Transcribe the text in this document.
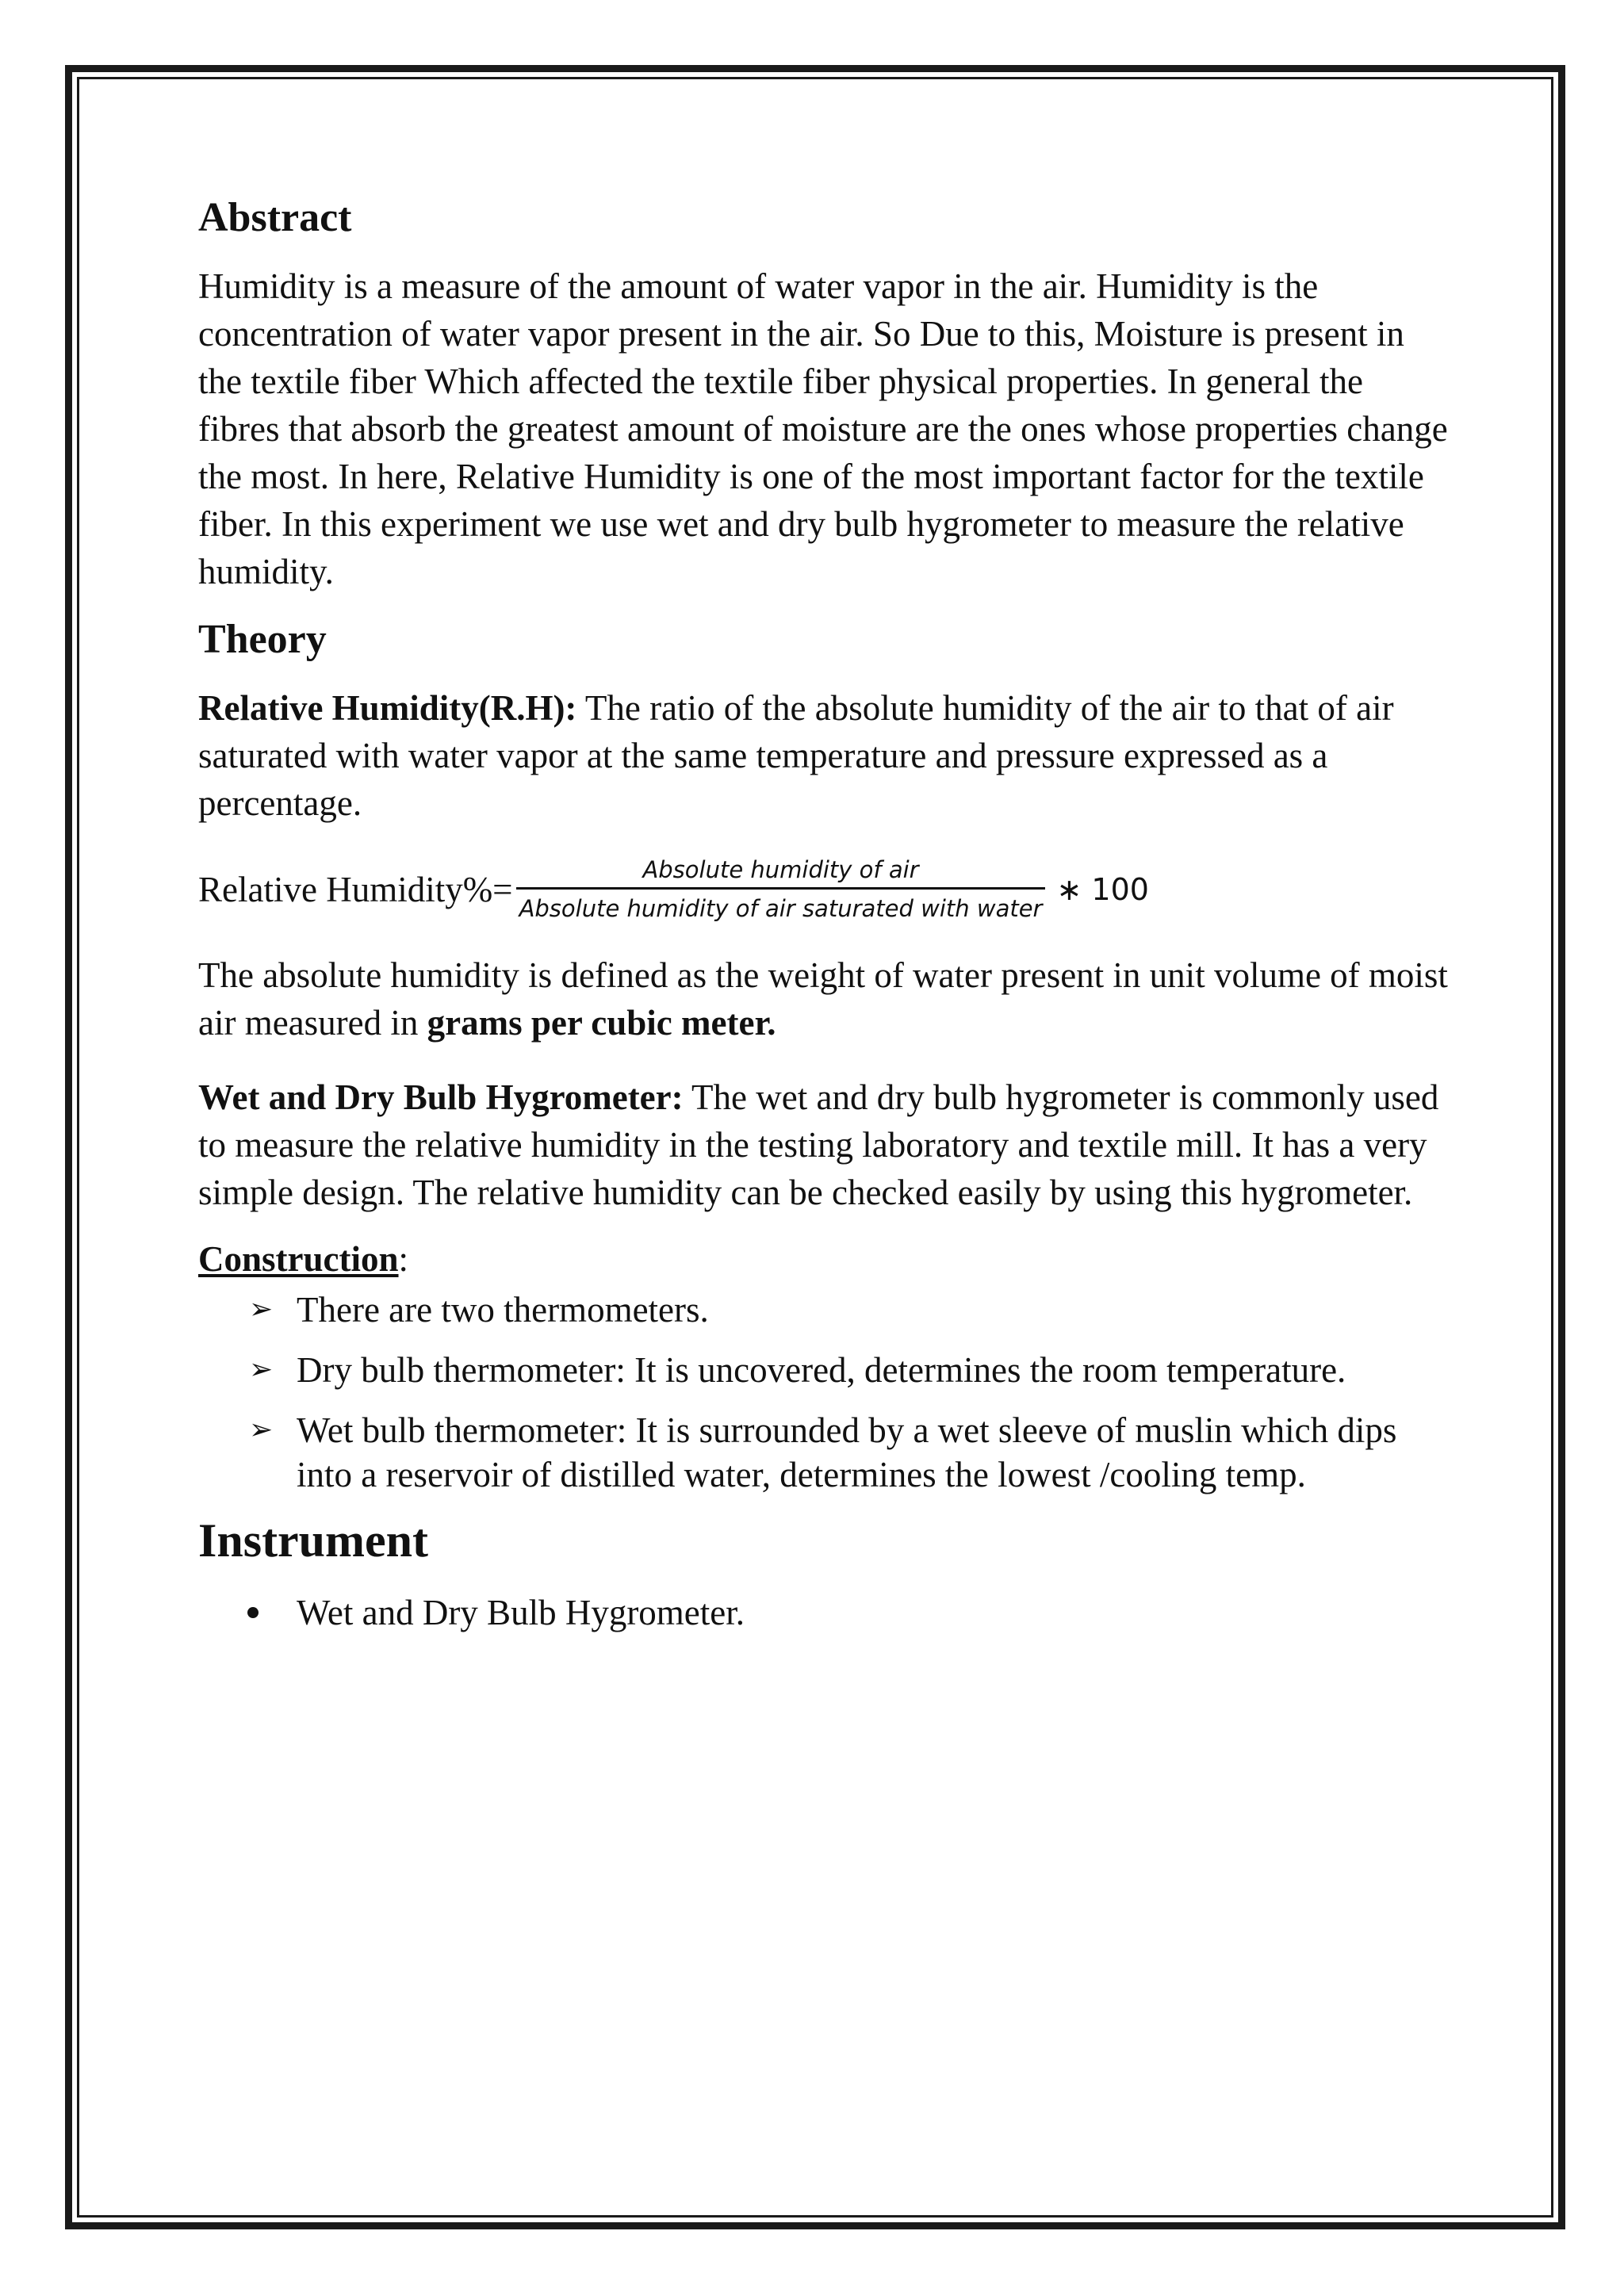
Abstract

Humidity is a measure of the amount of water vapor in the air. Humidity is the concentration of water vapor present in the air. So Due to this, Moisture is present in the textile fiber Which affected the textile fiber physical properties. In general the fibres that absorb the greatest amount of moisture are the ones whose properties change the most. In here, Relative Humidity is one of the most important factor for the textile fiber. In this experiment we use wet and dry bulb hygrometer to measure the relative humidity.

Theory

Relative Humidity(R.H): The ratio of the absolute humidity of the air to that of air saturated with water vapor at the same temperature and pressure expressed as a percentage.

Relative Humidity%= $\frac{\text{Absolute humidity of air}}{\text{Absolute humidity of air saturated with water}}$ ∗ 100

The absolute humidity is defined as the weight of water present in unit volume of moist air measured in grams per cubic meter.

Wet and Dry Bulb Hygrometer: The wet and dry bulb hygrometer is commonly used to measure the relative humidity in the testing laboratory and textile mill. It has a very simple design. The relative humidity can be checked easily by using this hygrometer.

Construction:

➢ There are two thermometers.
➢ Dry bulb thermometer: It is uncovered, determines the room temperature.
➢ Wet bulb thermometer: It is surrounded by a wet sleeve of muslin which dips into a reservoir of distilled water, determines the lowest /cooling temp.
Instrument
Wet and Dry Bulb Hygrometer.
